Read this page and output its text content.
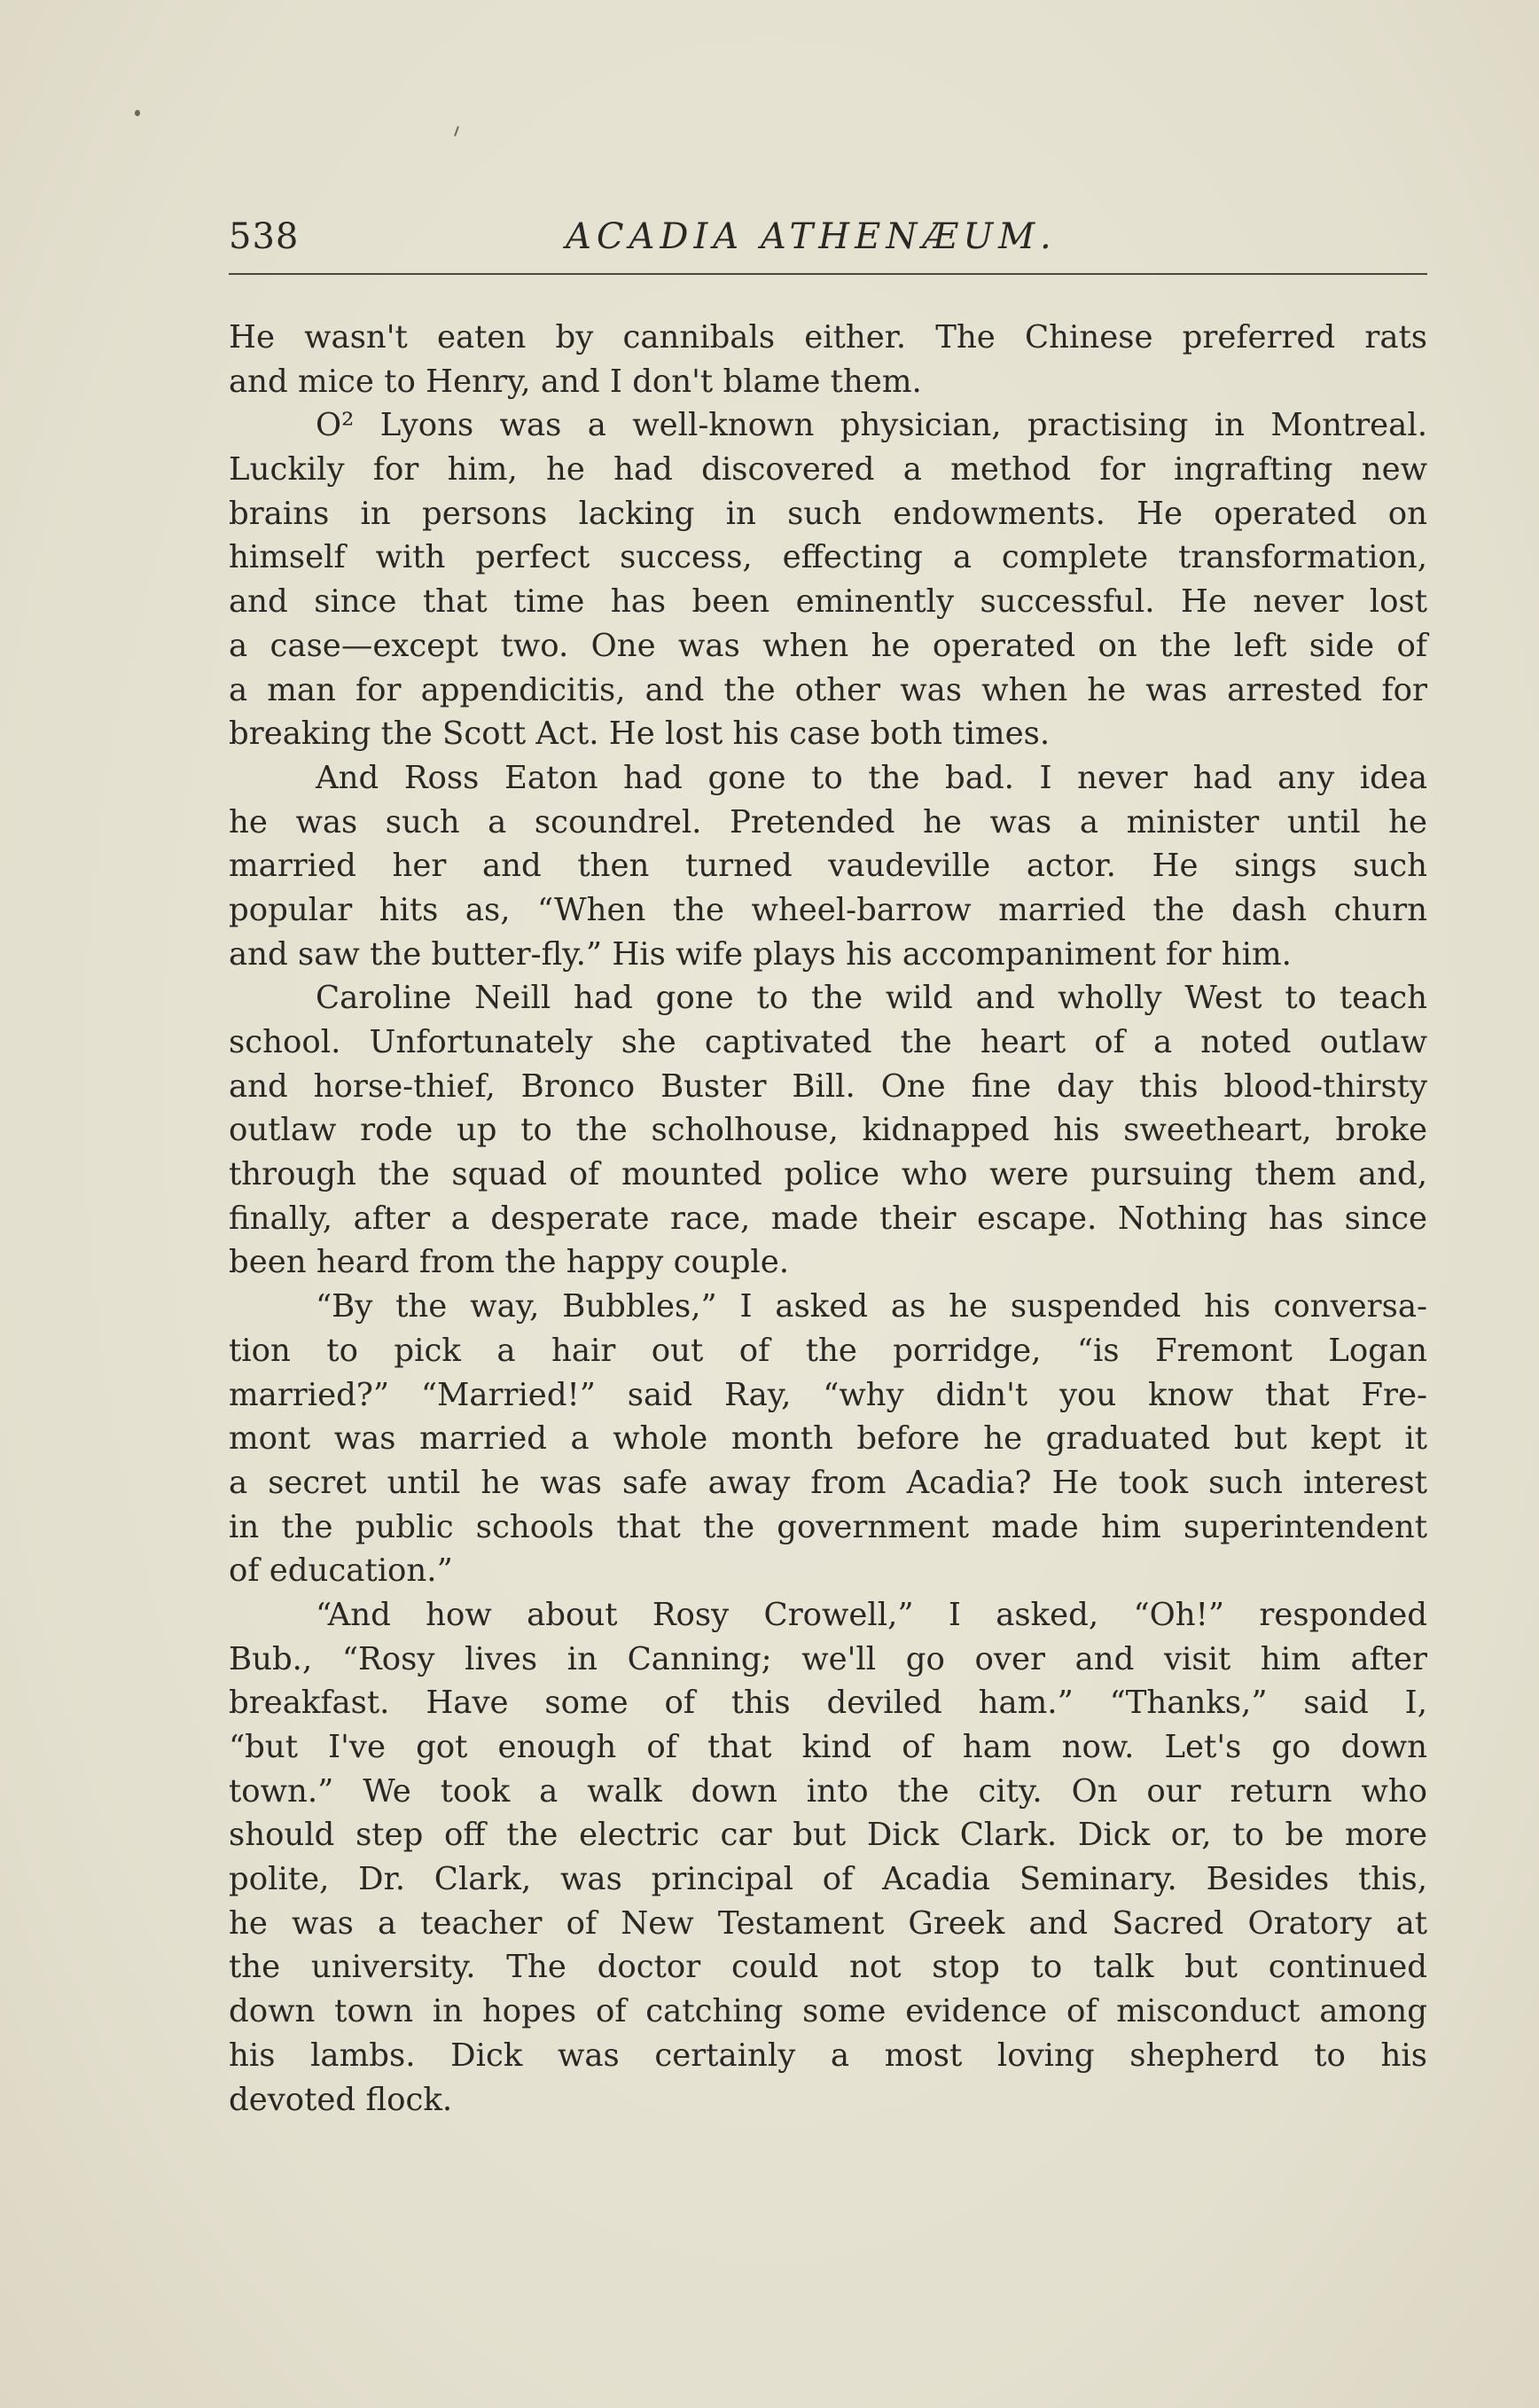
538	ACADIA ATHENÆUM.
He wasn't eaten by cannibals either. The Chinese preferred rats
and mice to Henry, and I don't blame them.
O² Lyons was a well-known physician, practising in Montreal.
Luckily for him, he had discovered a method for ingrafting new
brains in persons lacking in such endowments. He operated on
himself with perfect success, effecting a complete transformation,
and since that time has been eminently successful. He never lost
a case—except two. One was when he operated on the left side of
a man for appendicitis, and the other was when he was arrested for
breaking the Scott Act. He lost his case both times.
And Ross Eaton had gone to the bad. I never had any idea
he was such a scoundrel. Pretended he was a minister until he
married her and then turned vaudeville actor. He sings such
popular hits as, “When the wheel-barrow married the dash churn
and saw the butter-fly.” His wife plays his accompaniment for him.
Caroline Neill had gone to the wild and wholly West to teach
school. Unfortunately she captivated the heart of a noted outlaw
and horse-thief, Bronco Buster Bill. One fine day this blood-thirsty
outlaw rode up to the scholhouse, kidnapped his sweetheart, broke
through the squad of mounted police who were pursuing them and,
finally, after a desperate race, made their escape. Nothing has since
been heard from the happy couple.
“By the way, Bubbles,” I asked as he suspended his conversa-
tion to pick a hair out of the porridge, “is Fremont Logan
married?” “Married!” said Ray, “why didn't you know that Fre-
mont was married a whole month before he graduated but kept it
a secret until he was safe away from Acadia? He took such interest
in the public schools that the government made him superintendent
of education.”
“And how about Rosy Crowell,” I asked, “Oh!” responded
Bub., “Rosy lives in Canning; we'll go over and visit him after
breakfast. Have some of this deviled ham.” “Thanks,” said I,
“but I've got enough of that kind of ham now. Let's go down
town.” We took a walk down into the city. On our return who
should step off the electric car but Dick Clark. Dick or, to be more
polite, Dr. Clark, was principal of Acadia Seminary. Besides this,
he was a teacher of New Testament Greek and Sacred Oratory at
the university. The doctor could not stop to talk but continued
down town in hopes of catching some evidence of misconduct among
his lambs. Dick was certainly a most loving shepherd to his
devoted flock.
